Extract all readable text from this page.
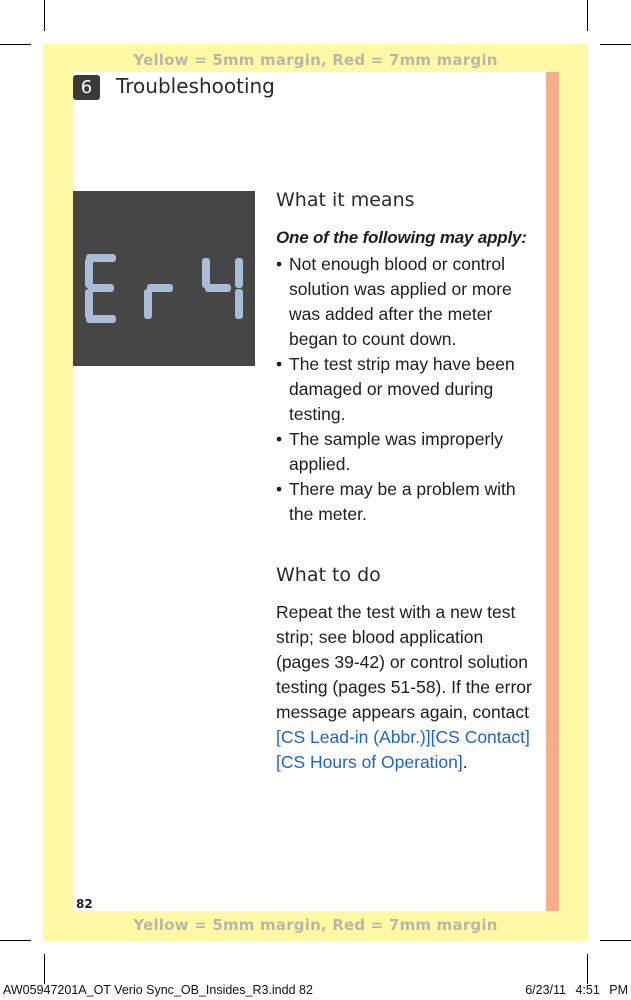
Yellow = 5mm margin, Red = 7mm margin
Yellow = 5mm margin, Red = 7mm margin
6	Troubleshooting
What it means
One of the following may apply:
• Not enough blood or control solution was applied or more was added after the meter began to count down.
• The test strip may have been damaged or moved during testing.
• The sample was improperly applied.
• There may be a problem with the meter.
What to do
Repeat the test with a new test strip; see blood application (pages 39-42) or control solution testing (pages 51-58). If the error message appears again, contact [CS Lead-in (Abbr.)][CS Contact][CS Hours of Operation].
82
AW05947201A_OT Verio Sync_OB_Insides_R3.indd 82	6/23/11 4:51 PM
